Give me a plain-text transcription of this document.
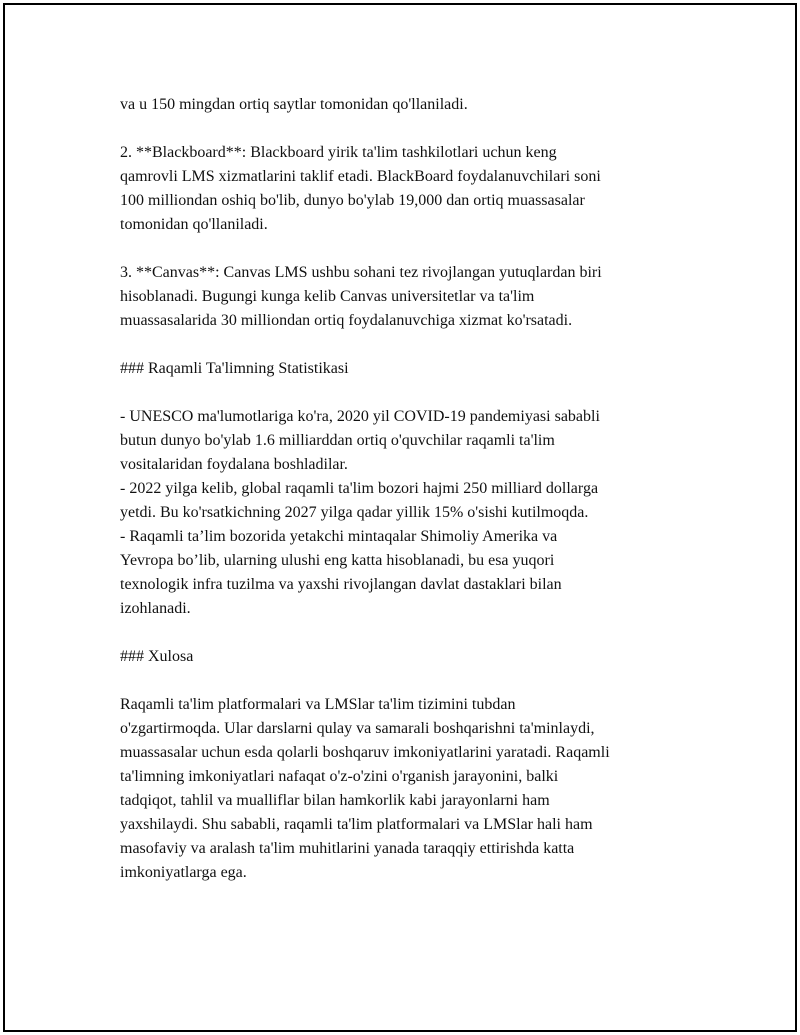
va u 150 mingdan ortiq saytlar tomonidan qo'llaniladi.
2. **Blackboard**: Blackboard yirik ta'lim tashkilotlari uchun keng
qamrovli LMS xizmatlarini taklif etadi. BlackBoard foydalanuvchilari soni
100 milliondan oshiq bo'lib, dunyo bo'ylab 19,000 dan ortiq muassasalar
tomonidan qo'llaniladi.
3. **Canvas**: Canvas LMS ushbu sohani tez rivojlangan yutuqlardan biri
hisoblanadi. Bugungi kunga kelib Canvas universitetlar va ta'lim
muassasalarida 30 milliondan ortiq foydalanuvchiga xizmat ko'rsatadi.
### Raqamli Ta'limning Statistikasi
- UNESCO ma'lumotlariga ko'ra, 2020 yil COVID-19 pandemiyasi sababli
butun dunyo bo'ylab 1.6 milliarddan ortiq o'quvchilar raqamli ta'lim
vositalaridan foydalana boshladilar.
- 2022 yilga kelib, global raqamli ta'lim bozori hajmi 250 milliard dollarga
yetdi. Bu ko'rsatkichning 2027 yilga qadar yillik 15% o'sishi kutilmoqda.
- Raqamli ta’lim bozorida yetakchi mintaqalar Shimoliy Amerika va
Yevropa bo’lib, ularning ulushi eng katta hisoblanadi, bu esa yuqori
texnologik infra tuzilma va yaxshi rivojlangan davlat dastaklari bilan
izohlanadi.
### Xulosa
Raqamli ta'lim platformalari va LMSlar ta'lim tizimini tubdan
o'zgartirmoqda. Ular darslarni qulay va samarali boshqarishni ta'minlaydi,
muassasalar uchun esda qolarli boshqaruv imkoniyatlarini yaratadi. Raqamli
ta'limning imkoniyatlari nafaqat o'z-o'zini o'rganish jarayonini, balki
tadqiqot, tahlil va mualliflar bilan hamkorlik kabi jarayonlarni ham
yaxshilaydi. Shu sababli, raqamli ta'lim platformalari va LMSlar hali ham
masofaviy va aralash ta'lim muhitlarini yanada taraqqiy ettirishda katta
imkoniyatlarga ega.
